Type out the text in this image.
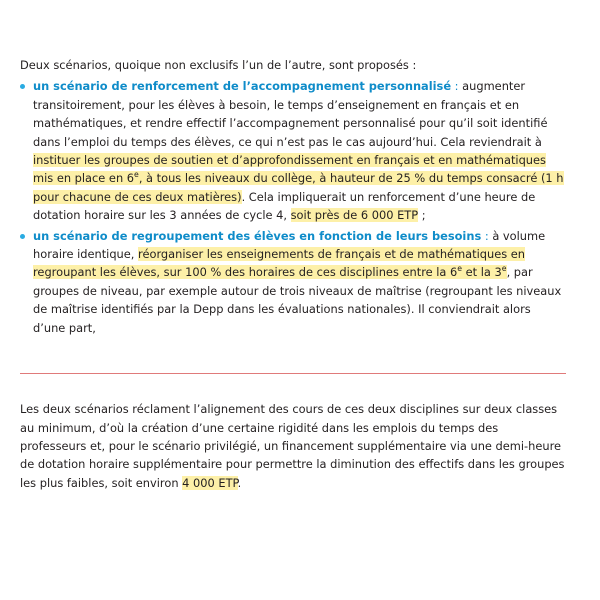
Deux scénarios, quoique non exclusifs l’un de l’autre, sont proposés :

un scénario de renforcement de l’accompagnement personnalisé : augmenter transitoirement, pour les élèves à besoin, le temps d’enseignement en français et en mathématiques, et rendre effectif l’accompagnement personnalisé pour qu’il soit identifié dans l’emploi du temps des élèves, ce qui n’est pas le cas aujourd’hui. Cela reviendrait à instituer les groupes de soutien et d’approfondissement en français et en mathématiques mis en place en 6e, à tous les niveaux du collège, à hauteur de 25 % du temps consacré (1 h pour chacune de ces deux matières). Cela impliquerait un renforcement d’une heure de dotation horaire sur les 3 années de cycle 4, soit près de 6 000 ETP ;
un scénario de regroupement des élèves en fonction de leurs besoins : à volume horaire identique, réorganiser les enseignements de français et de mathématiques en regroupant les élèves, sur 100 % des horaires de ces disciplines entre la 6e et la 3e, par groupes de niveau, par exemple autour de trois niveaux de maîtrise (regroupant les niveaux de maîtrise identifiés par la Depp dans les évaluations nationales). Il conviendrait alors d’une part,

Les deux scénarios réclament l’alignement des cours de ces deux disciplines sur deux classes au minimum, d’où la création d’une certaine rigidité dans les emplois du temps des professeurs et, pour le scénario privilégié, un financement supplémentaire via une demi-heure de dotation horaire supplémentaire pour permettre la diminution des effectifs dans les groupes les plus faibles, soit environ 4 000 ETP.
